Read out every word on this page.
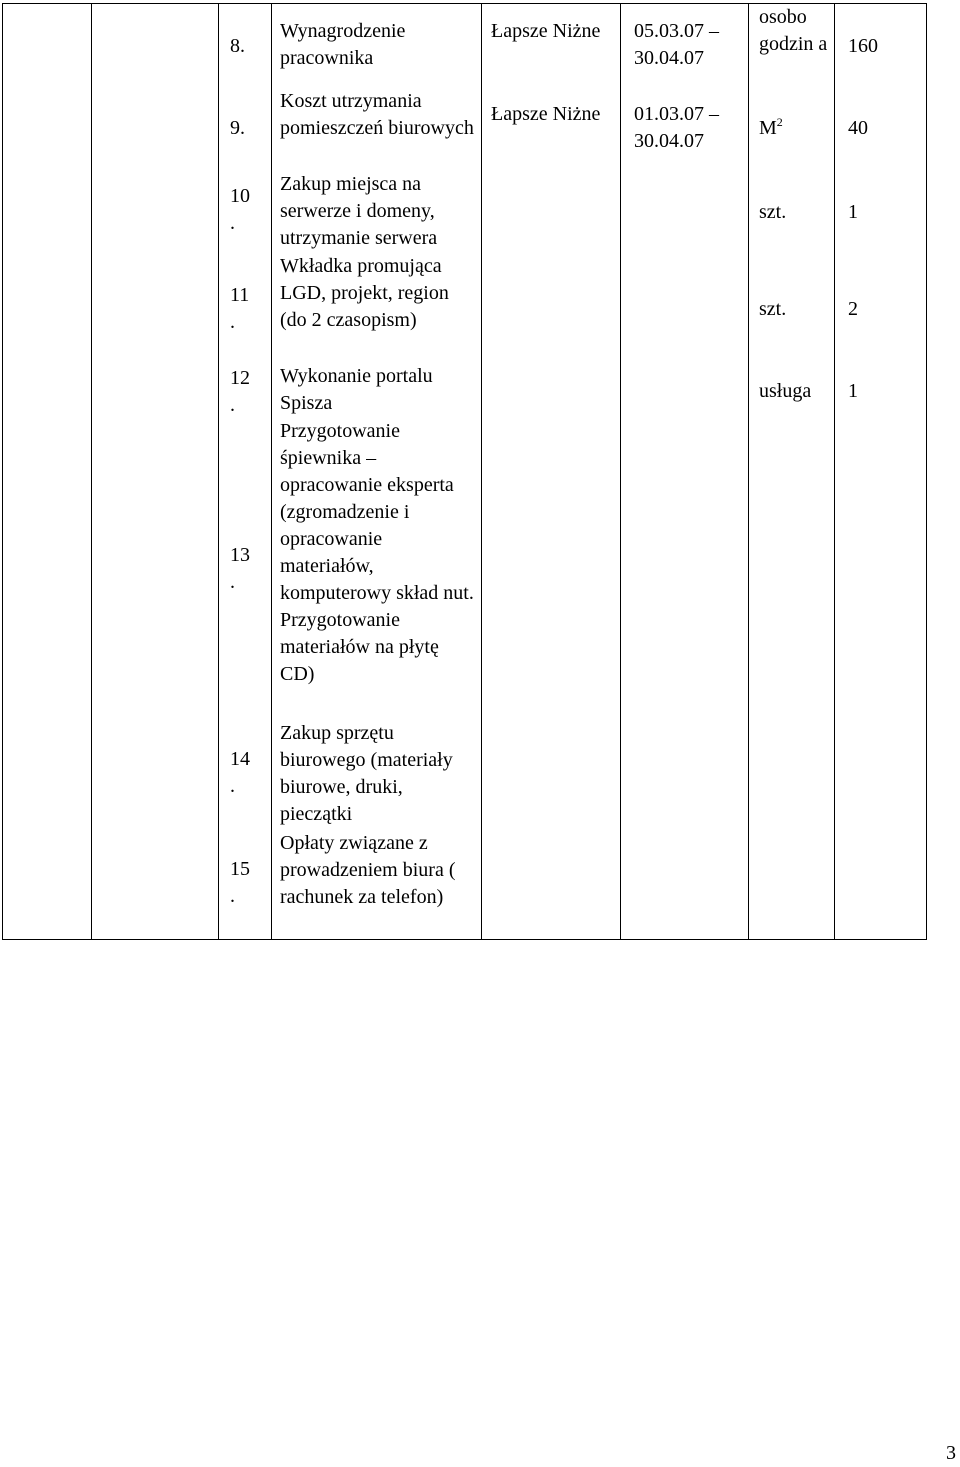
8.
9.
10
.
11
.
12
.
13
.
14
.
15
.
Wynagrodzenie pracownika
Koszt utrzymania pomieszczeń biurowych
Zakup miejsca na serwerze i domeny, utrzymanie serwera
Wkładka promująca LGD, projekt, region (do 2 czasopism)
Wykonanie portalu Spisza
Przygotowanie śpiewnika – opracowanie eksperta (zgromadzenie i opracowanie materiałów, komputerowy skład nut. Przygotowanie materiałów na płytę CD)
Zakup sprzętu biurowego (materiały biurowe, druki, pieczątki
Opłaty związane z prowadzeniem biura ( rachunek za telefon)
Łapsze Niżne
Łapsze Niżne
05.03.07 –
30.04.07
01.03.07 –
30.04.07
osobo godzin a
$M^2$
szt.
szt.
usługa
160
40
1
2
1
3
